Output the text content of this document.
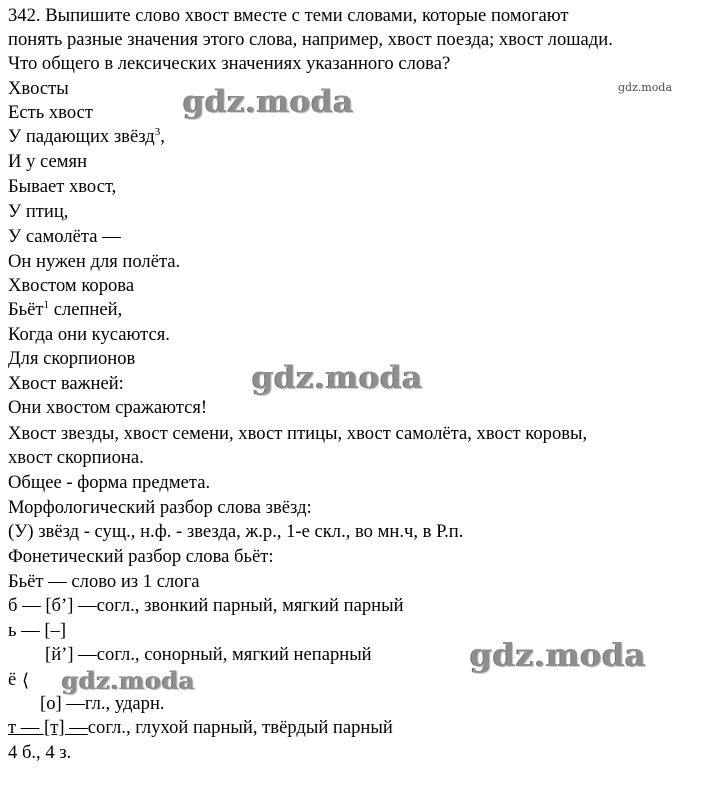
342. Выпишите слово хвост вместе с теми словами, которые помогают

понять разные значения этого слова, например, хвост поезда; хвост лошади.

Что общего в лексических значениях указанного слова?

Хвосты

Есть хвост

У падающих звёзд$^3$,

И у семян

Бывает хвост,

У птиц,

У самолёта —

Он нужен для полёта.

Хвостом корова

Бьёт$^1$ слепней,

Когда они кусаются.

Для скорпионов

Хвост важней:

Они хвостом сражаются!

Хвост звезды, хвост семени, хвост птицы, хвост самолёта, хвост коровы,

хвост скорпиона.

Общее - форма предмета.

Морфологический разбор слова звёзд:

(У) звёзд - сущ., н.ф. - звезда, ж.р., 1-е скл., во мн.ч, в Р.п.

Фонетический разбор слова бьёт:

Бьёт — слово из 1 слога

б — [б’] —согл., звонкий парный, мягкий парный

ь — [–]

[й’] —согл., сонорный, мягкий непарный

ё ⟨

[о] —гл., ударн.

т — [т] —согл., глухой парный, твёрдый парный

4 б., 4 з.

gdz.moda	gdz.moda
gdz.moda
gdz.moda
gdz.moda
